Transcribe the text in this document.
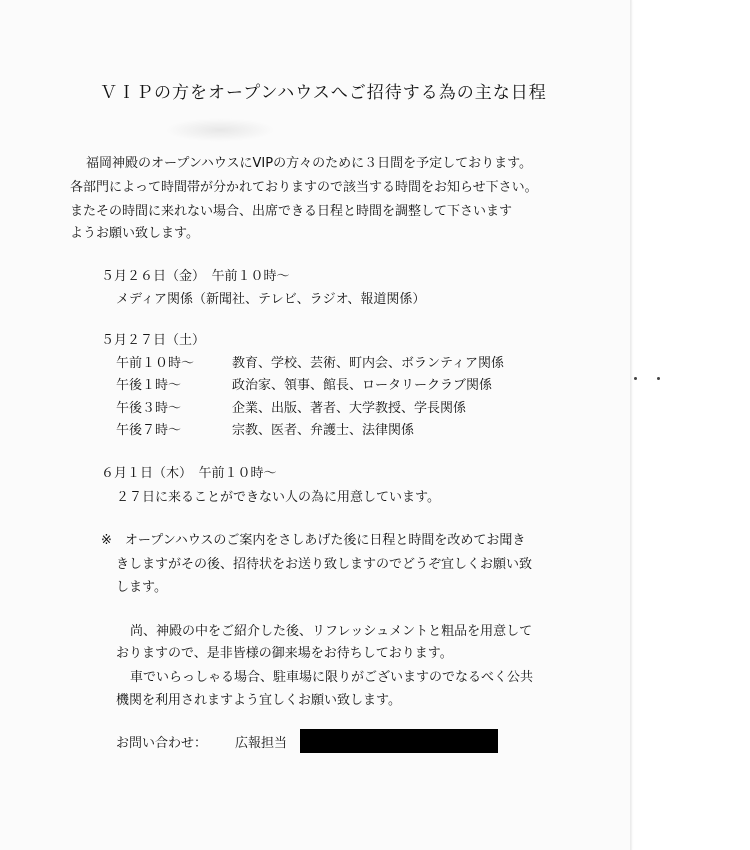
ＶＩＰの方をオープンハウスへご招待する為の主な日程
福岡神殿のオープンハウスにVIPの方々のために３日間を予定しております。
各部門によって時間帯が分かれておりますので該当する時間をお知らせ下さい。
またその時間に来れない場合、出席できる日程と時間を調整して下さいます
ようお願い致します。
５月２６日（金）　午前１０時～
メディア関係（新聞社、テレビ、ラジオ、報道関係）
５月２７日（土）
午前１０時～	教育、学校、芸術、町内会、ボランティア関係
午後１時～	政治家、領事、館長、ロータリークラブ関係
午後３時～	企業、出版、著者、大学教授、学長関係
午後７時～	宗教、医者、弁護士、法律関係
６月１日（木）　午前１０時～
２７日に来ることができない人の為に用意しています。
※　オープンハウスのご案内をさしあげた後に日程と時間を改めてお聞き
きしますがその後、招待状をお送り致しますのでどうぞ宜しくお願い致
します。
尚、神殿の中をご紹介した後、リフレッシュメントと粗品を用意して
おりますので、是非皆様の御来場をお待ちしております。
車でいらっしゃる場合、駐車場に限りがございますのでなるべく公共
機関を利用されますよう宜しくお願い致します。
お問い合わせ： 広報担当
